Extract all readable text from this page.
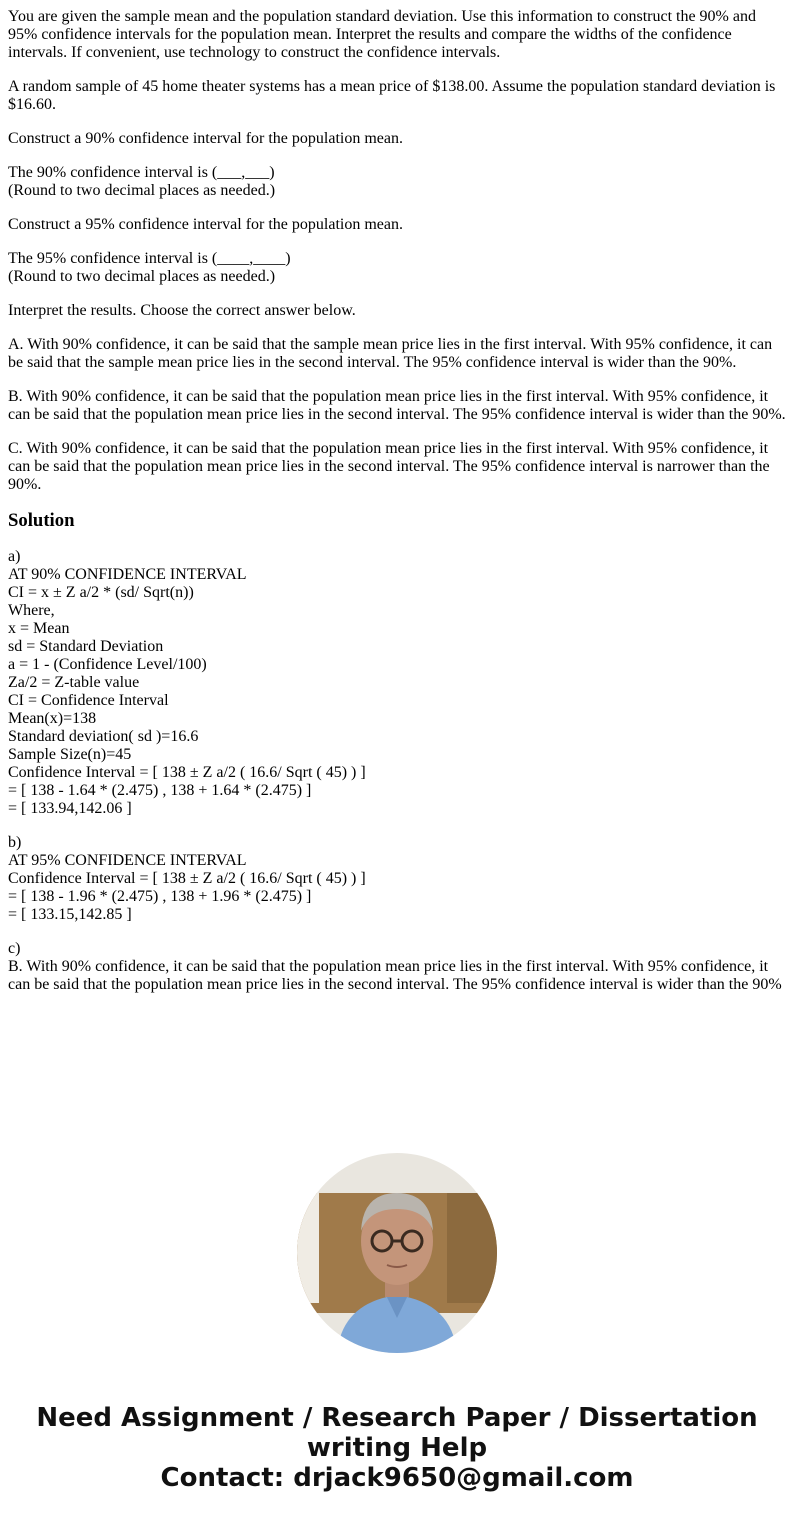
You are given the sample mean and the population standard deviation. Use this information to construct the 90% and 95% confidence intervals for the population mean. Interpret the results and compare the widths of the confidence intervals. If convenient, use technology to construct the confidence intervals.

A random sample of 45 home theater systems has a mean price of $138.00. Assume the population standard deviation is $16.60.

Construct a 90% confidence interval for the population mean.

The 90% confidence interval is (___,___)
(Round to two decimal places as needed.)

Construct a 95% confidence interval for the population mean.

The 95% confidence interval is (____,____)
(Round to two decimal places as needed.)

Interpret the results. Choose the correct answer below.

A. With 90% confidence, it can be said that the sample mean price lies in the first interval. With 95% confidence, it can be said that the sample mean price lies in the second interval. The 95% confidence interval is wider than the 90%.

B. With 90% confidence, it can be said that the population mean price lies in the first interval. With 95% confidence, it can be said that the population mean price lies in the second interval. The 95% confidence interval is wider than the 90%.

C. With 90% confidence, it can be said that the population mean price lies in the first interval. With 95% confidence, it can be said that the population mean price lies in the second interval. The 95% confidence interval is narrower than the 90%.

Solution
a)
AT 90% CONFIDENCE INTERVAL
CI = x ± Z a/2 * (sd/ Sqrt(n))
Where,
x = Mean
sd = Standard Deviation
a = 1 - (Confidence Level/100)
Za/2 = Z-table value
CI = Confidence Interval
Mean(x)=138
Standard deviation( sd )=16.6
Sample Size(n)=45
Confidence Interval = [ 138 ± Z a/2 ( 16.6/ Sqrt ( 45) ) ]
= [ 138 - 1.64 * (2.475) , 138 + 1.64 * (2.475) ]
= [ 133.94,142.06 ]
b)
AT 95% CONFIDENCE INTERVAL
Confidence Interval = [ 138 ± Z a/2 ( 16.6/ Sqrt ( 45) ) ]
= [ 138 - 1.96 * (2.475) , 138 + 1.96 * (2.475) ]
= [ 133.15,142.85 ]
c)
B. With 90% confidence, it can be said that the population mean price lies in the first interval. With 95% confidence, it can be said that the population mean price lies in the second interval. The 95% confidence interval is wider than the 90%
Need Assignment / Research Paper / Dissertation
writing Help
Contact: drjack9650@gmail.com
